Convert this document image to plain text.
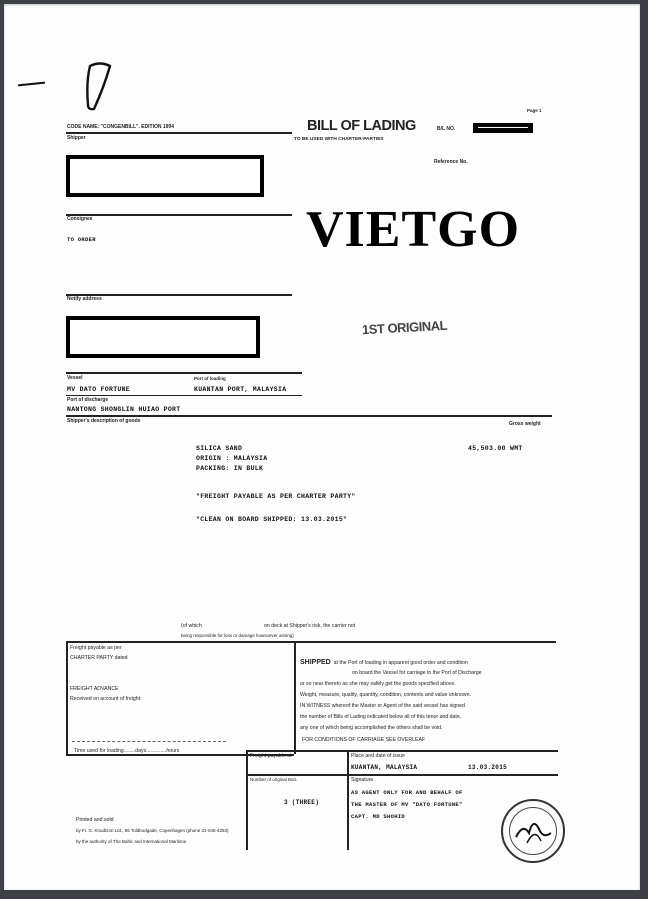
Page 1
CODE NAME: "CONGENBILL". EDITION 1994
Shipper
BILL OF LADING
TO BE USED WITH CHARTER-PARTIES
B/L NO.
Reference No.
Consignee
TO ORDER	VIETGO
Notify address
1ST ORIGINAL
Vessel	Port of loading
MV DATO FORTUNE	KUANTAN PORT, MALAYSIA
Port of discharge
NANTONG SHONGLIN HUIAO PORT
Shipper's description of goods	Gross weight
SILICA SAND
ORIGIN : MALAYSIA
PACKING: IN BULK
45,503.00 WMT
"FREIGHT PAYABLE AS PER CHARTER PARTY"
"CLEAN ON BOARD SHIPPED: 13.03.2015"
(of which	on deck at Shipper's risk, the carrier not
being responsible for loss or damage howsoever arising)
Freight payable as per
CHARTER PARTY dated
FREIGHT ADVANCE
Received on account of freight:
Time used for loading........days..............hours
SHIPPED at the Port of loading in apparent good order and condition
on board the Vessel for carriage to the Port of Discharge
or so near thereto as she may safely get the goods specified above.
Weight, measure, quality, quantity, condition, contents and value unknown.
IN WITNESS whereof the Master or Agent of the said vessel has signed
the number of Bills of Lading indicated below all of this tenor and date,
any one of which being accomplished the others shall be void.
FOR CONDITIONS OF CARRIAGE SEE OVERLEAF
Freight payable at	Place and date of issue
KUANTAN, MALAYSIA	13.03.2015
Number of original Bs/L	Signature
3 (THREE)
AS AGENT ONLY FOR AND BEHALF OF
THE MASTER OF MV "DATO FORTUNE"
CAPT. MD SHOHID
Printed and sold
by Fr. G. Knudtzon Ltd., 55 Toldbodgade, Copenhagen (phone 31-045-4253)
by the authority of The Baltic and International Maritime
